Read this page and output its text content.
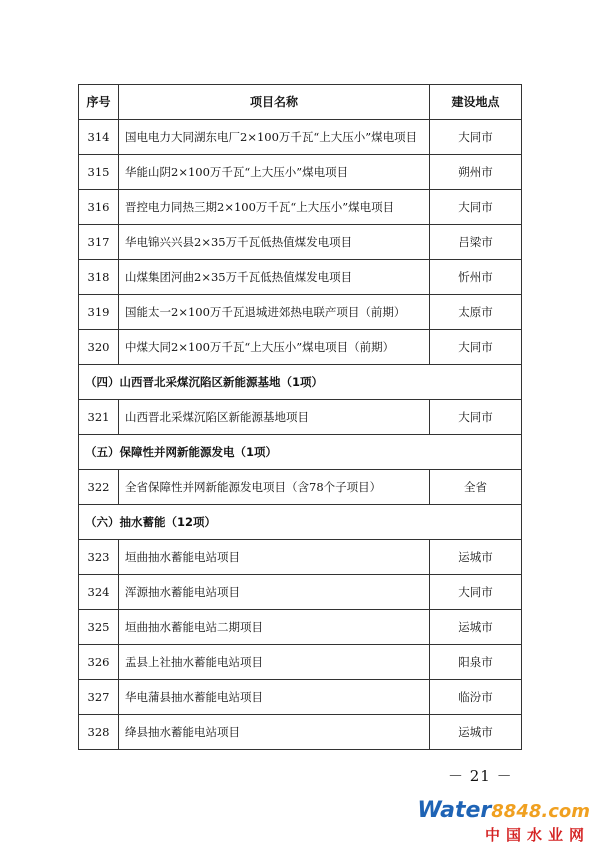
序号	项目名称	建设地点
314	国电电力大同湖东电厂2×100万千瓦“上大压小”煤电项目	大同市
315	华能山阴2×100万千瓦“上大压小”煤电项目	朔州市
316	晋控电力同热三期2×100万千瓦“上大压小”煤电项目	大同市
317	华电锦兴兴县2×35万千瓦低热值煤发电项目	吕梁市
318	山煤集团河曲2×35万千瓦低热值煤发电项目	忻州市
319	国能太一2×100万千瓦退城进郊热电联产项目（前期）	太原市
320	中煤大同2×100万千瓦“上大压小”煤电项目（前期）	大同市
（四）山西晋北采煤沉陷区新能源基地（1项）		
321	山西晋北采煤沉陷区新能源基地项目	大同市
（五）保障性并网新能源发电（1项）		
322	全省保障性并网新能源发电项目（含78个子项目）	全省
（六）抽水蓄能（12项）		
323	垣曲抽水蓄能电站项目	运城市
324	浑源抽水蓄能电站项目	大同市
325	垣曲抽水蓄能电站二期项目	运城市
326	盂县上社抽水蓄能电站项目	阳泉市
327	华电蒲县抽水蓄能电站项目	临汾市
328	绛县抽水蓄能电站项目	运城市
－ 21 －
Water8848.com
中国水业网
